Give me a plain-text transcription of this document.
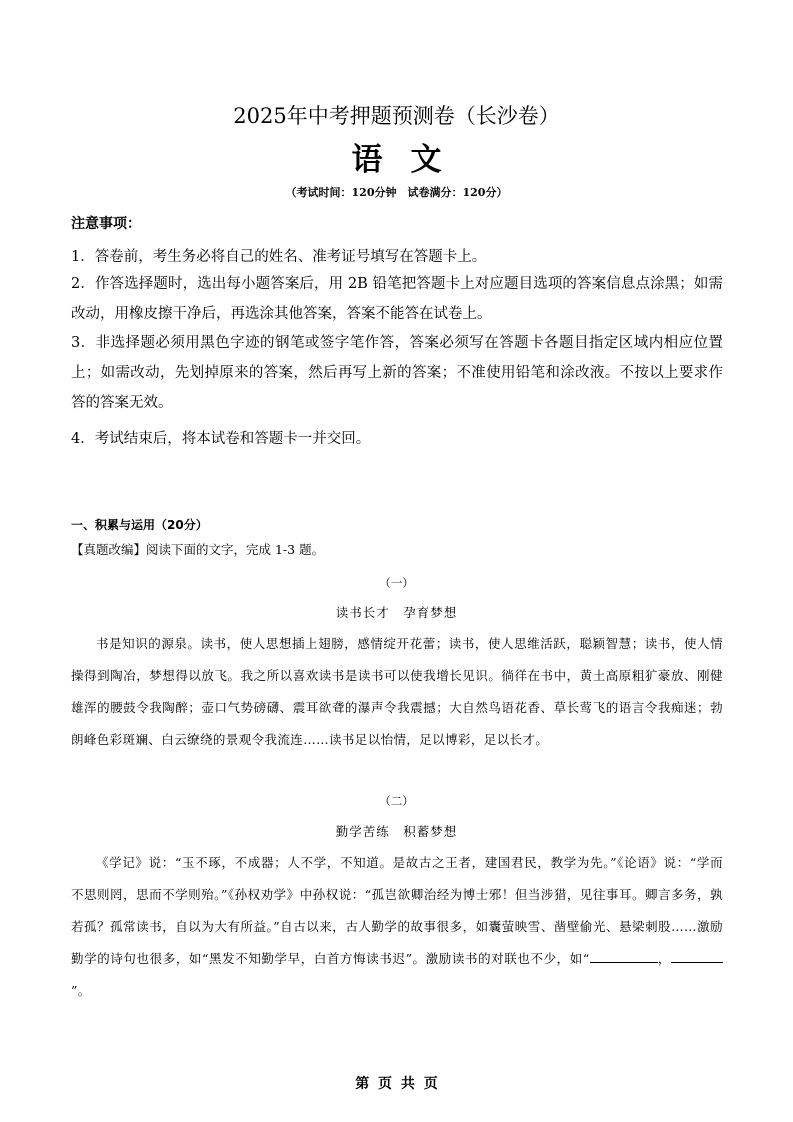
2025年中考押题预测卷（长沙卷）
语文
（考试时间：120分钟　试卷满分：120分）
注意事项：
1．答卷前，考生务必将自己的姓名、准考证号填写在答题卡上。
2．作答选择题时，选出每小题答案后，用 2B 铅笔把答题卡上对应题目选项的答案信息点涂黑；如需改动，用橡皮擦干净后，再选涂其他答案，答案不能答在试卷上。
3．非选择题必须用黑色字迹的钢笔或签字笔作答，答案必须写在答题卡各题目指定区域内相应位置上；如需改动，先划掉原来的答案，然后再写上新的答案；不准使用铅笔和涂改液。不按以上要求作答的答案无效。
4．考试结束后，将本试卷和答题卡一并交回。
一、积累与运用（20分）
【真题改编】阅读下面的文字，完成 1-3 题。
（一）
读书长才　孕育梦想
书是知识的源泉。读书，使人思想插上翅膀，感情绽开花蕾；读书，使人思维活跃，聪颖智慧；读书，使人情操得到陶冶，梦想得以放飞。我之所以喜欢读书是读书可以使我增长见识。徜徉在书中，黄土高原粗犷豪放、刚健雄浑的腰鼓令我陶醉；壶口气势磅礴、震耳欲聋的瀑声令我震撼；大自然鸟语花香、草长莺飞的语言令我痴迷；勃朗峰色彩斑斓、白云缭绕的景观令我流连……读书足以怡情，足以博彩，足以长才。
（二）
勤学苦练　积蓄梦想
《学记》说：“玉不琢，不成器；人不学，不知道。是故古之王者，建国君民，教学为先。”《论语》说：“学而不思则罔，思而不学则殆。”《孙权劝学》中孙权说：“孤岂欲卿治经为博士邪！但当涉猎，见往事耳。卿言多务，孰若孤？孤常读书，自以为大有所益。”自古以来，古人勤学的故事很多，如囊萤映雪、凿壁偷光、悬梁刺股……激励勤学的诗句也很多，如“黑发不知勤学早，白首方悔读书迟”。激励读书的对联也不少，如“	，”。
第 页 共 页
